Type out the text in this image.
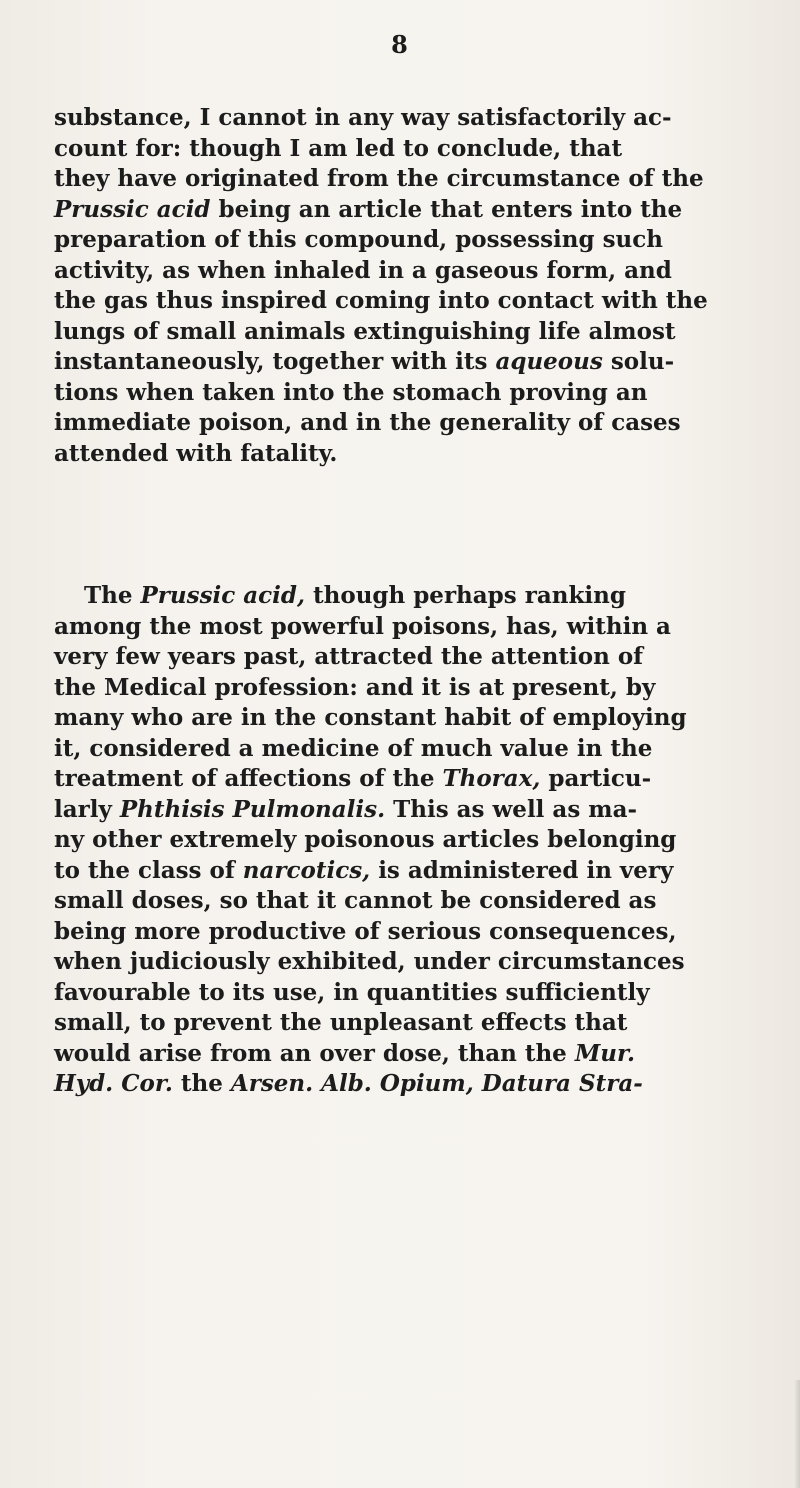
8
substance, I cannot in any way satisfactorily ac-
count for: though I am led to conclude, that
they have originated from the circumstance of the
Prussic acid being an article that enters into the
preparation of this compound, possessing such
activity, as when inhaled in a gaseous form, and
the gas thus inspired coming into contact with the
lungs of small animals extinguishing life almost
instantaneously, together with its aqueous solu-
tions when taken into the stomach proving an
immediate poison, and in the generality of cases
attended with fatality.
The Prussic acid, though perhaps ranking
among the most powerful poisons, has, within a
very few years past, attracted the attention of
the Medical profession: and it is at present, by
many who are in the constant habit of employing
it, considered a medicine of much value in the
treatment of affections of the Thorax, particu-
larly Phthisis Pulmonalis. This as well as ma-
ny other extremely poisonous articles belonging
to the class of narcotics, is administered in very
small doses, so that it cannot be considered as
being more productive of serious consequences,
when judiciously exhibited, under circumstances
favourable to its use, in quantities sufficiently
small, to prevent the unpleasant effects that
would arise from an over dose, than the Mur.
Hyd. Cor. the Arsen. Alb. Opium, Datura Stra-
